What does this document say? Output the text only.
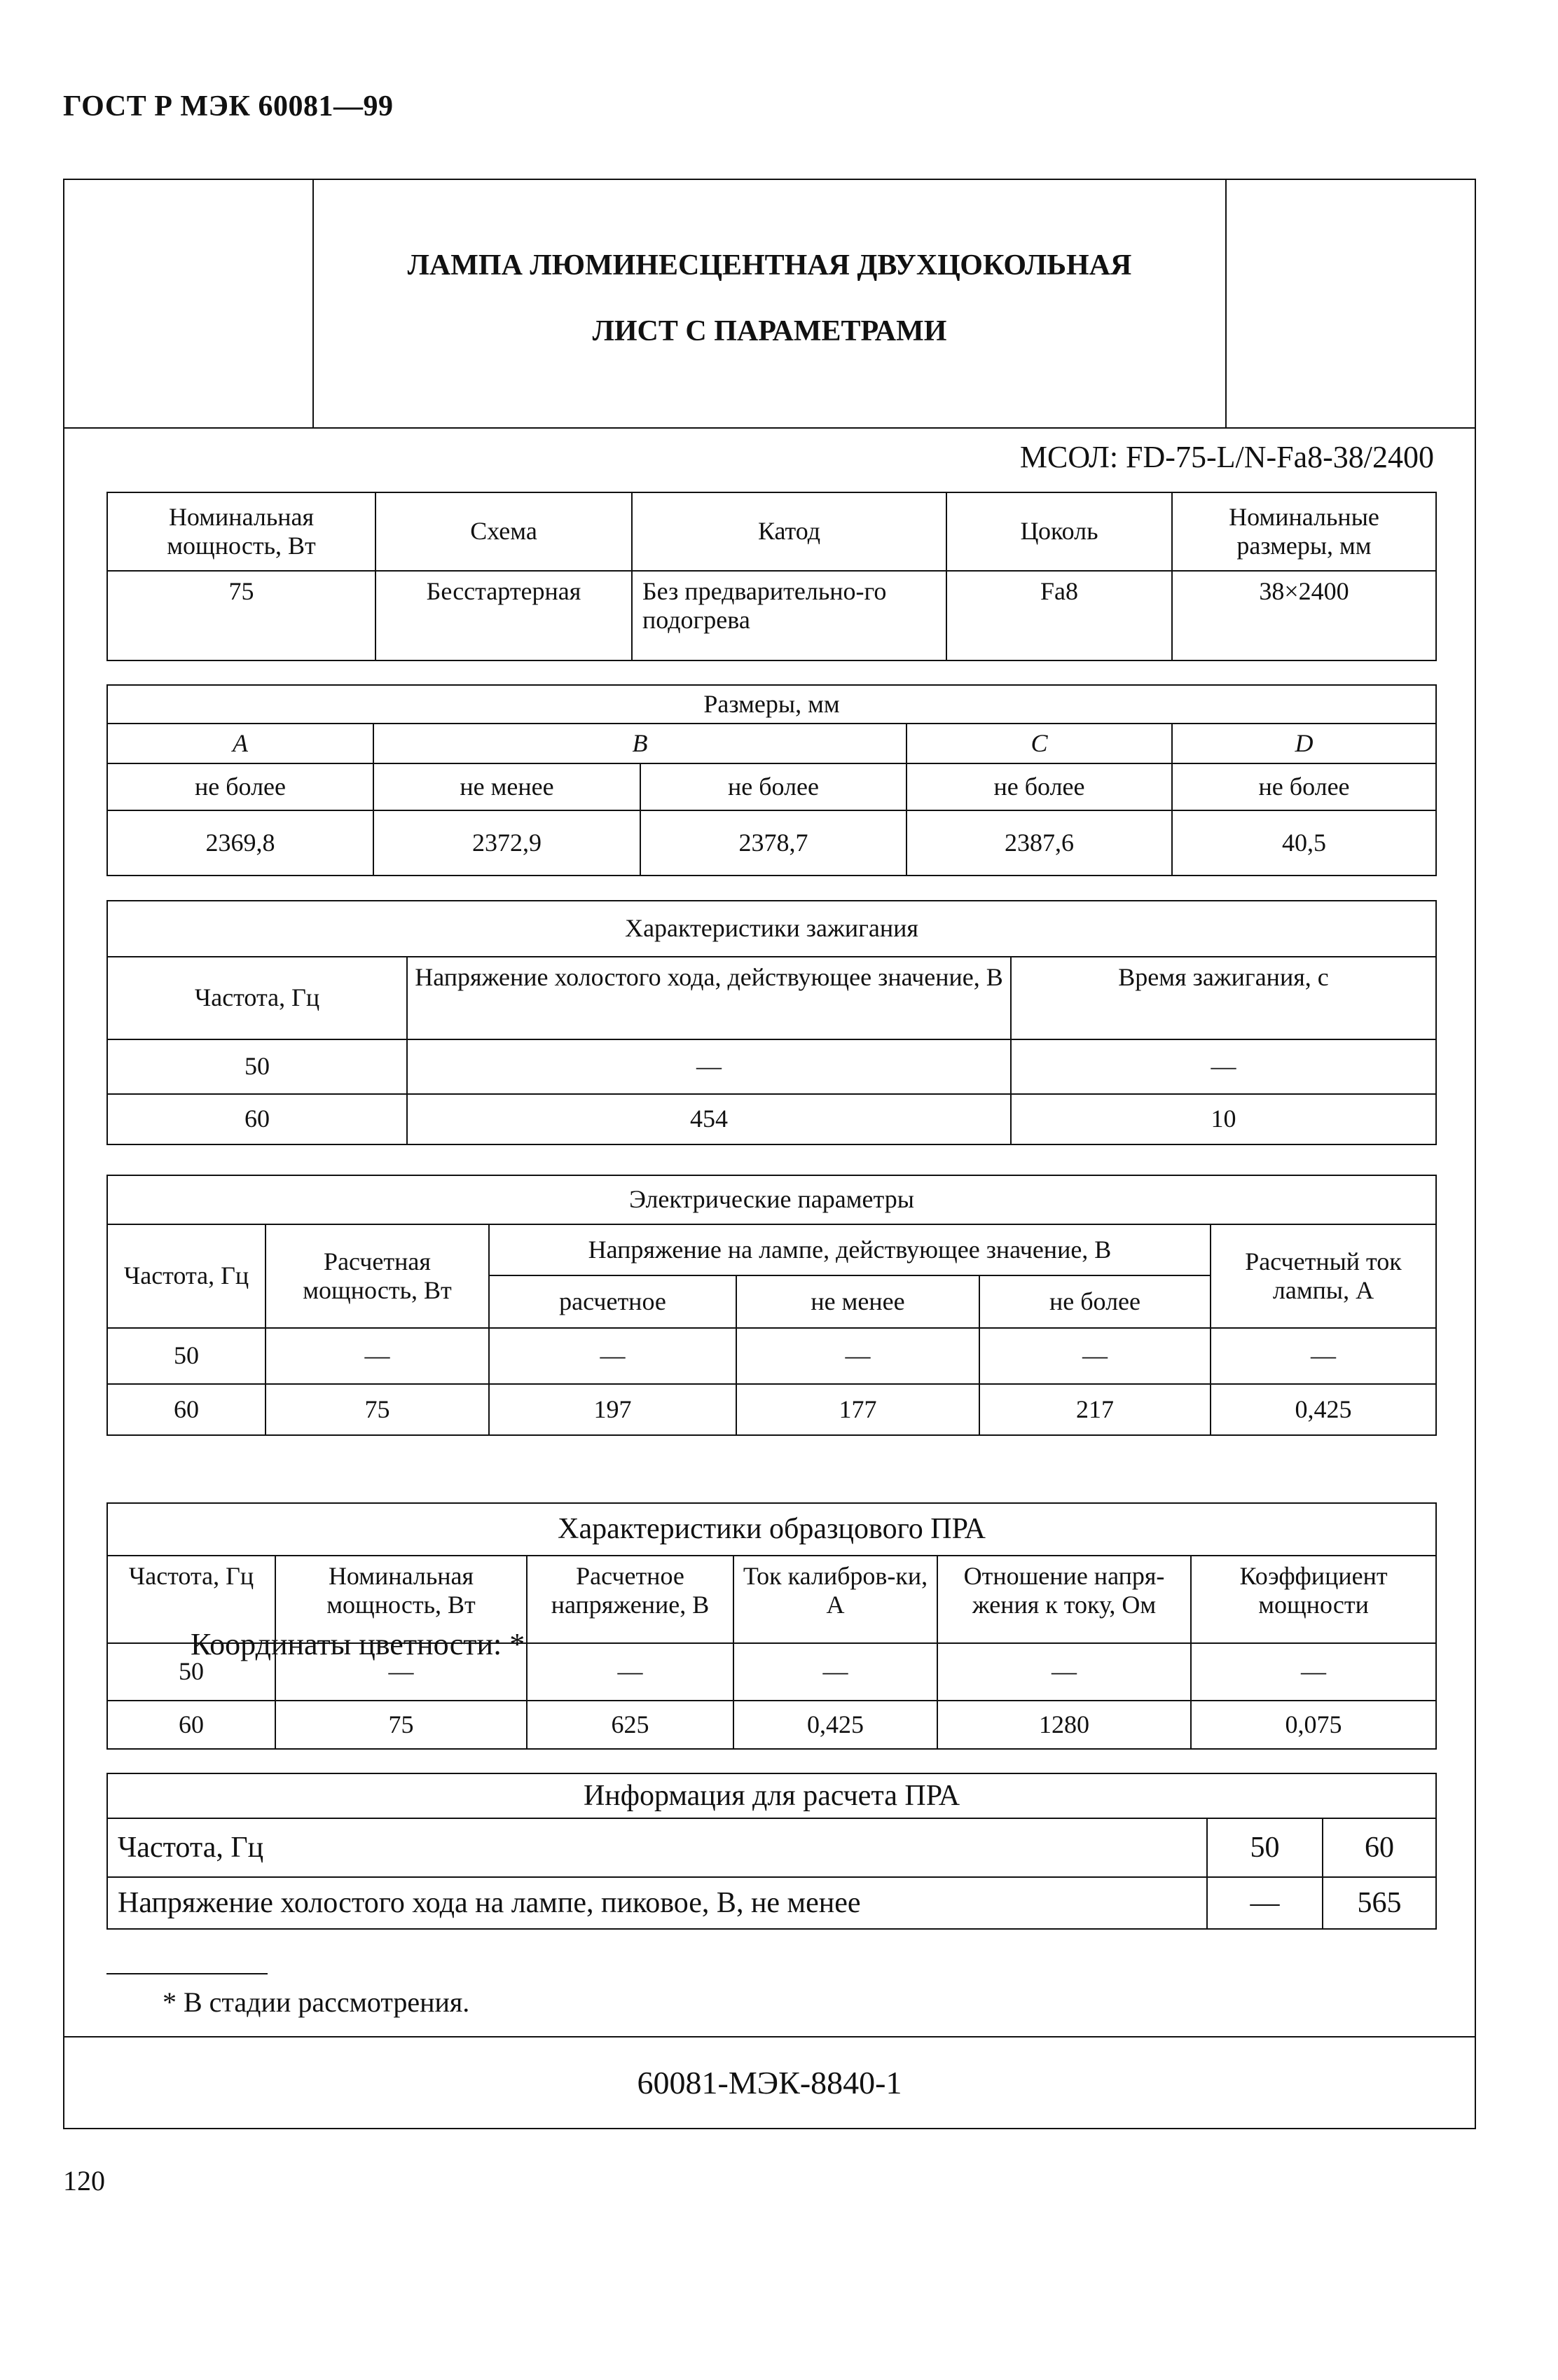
ГОСТ Р МЭК 60081—99
ЛАМПА ЛЮМИНЕСЦЕНТНАЯ ДВУХЦОКОЛЬНАЯ
ЛИСТ С ПАРАМЕТРАМИ
МСОЛ: FD-75-L/N-Fa8-38/2400
Номинальная мощность, Вт	Схема	Катод	Цоколь	Номинальные размеры, мм
75	Бесстартерная	Без предварительно-го подогрева	Fa8	38×2400
Размеры, мм				
A	B		C	D
не более	не менее	не более	не более	не более
2369,8	2372,9	2378,7	2387,6	40,5
Характеристики зажигания		
Частота, Гц	Напряжение холостого хода, действующее значение, В	Время зажигания, с
50	—	—
60	454	10
Электрические параметры					
Частота, Гц	Расчетная мощность, Вт	Напряжение на лампе, действующее значение, В			Расчетный ток лампы, А
		расчетное	не менее	не более	
50	—	—	—	—	—
60	75	197	177	217	0,425
Координаты цветности: *
Характеристики образцового ПРА					
Частота, Гц	Номинальная мощность, Вт	Расчетное напряжение, В	Ток калибров-ки, А	Отношение напря-жения к току, Ом	Коэффициент мощности
50	—	—	—	—	—
60	75	625	0,425	1280	0,075
Информация для расчета ПРА		
Частота, Гц	50	60
Напряжение холостого хода на лампе, пиковое, В, не менее	—	565
* В стадии рассмотрения.
60081-МЭК-8840-1
120
